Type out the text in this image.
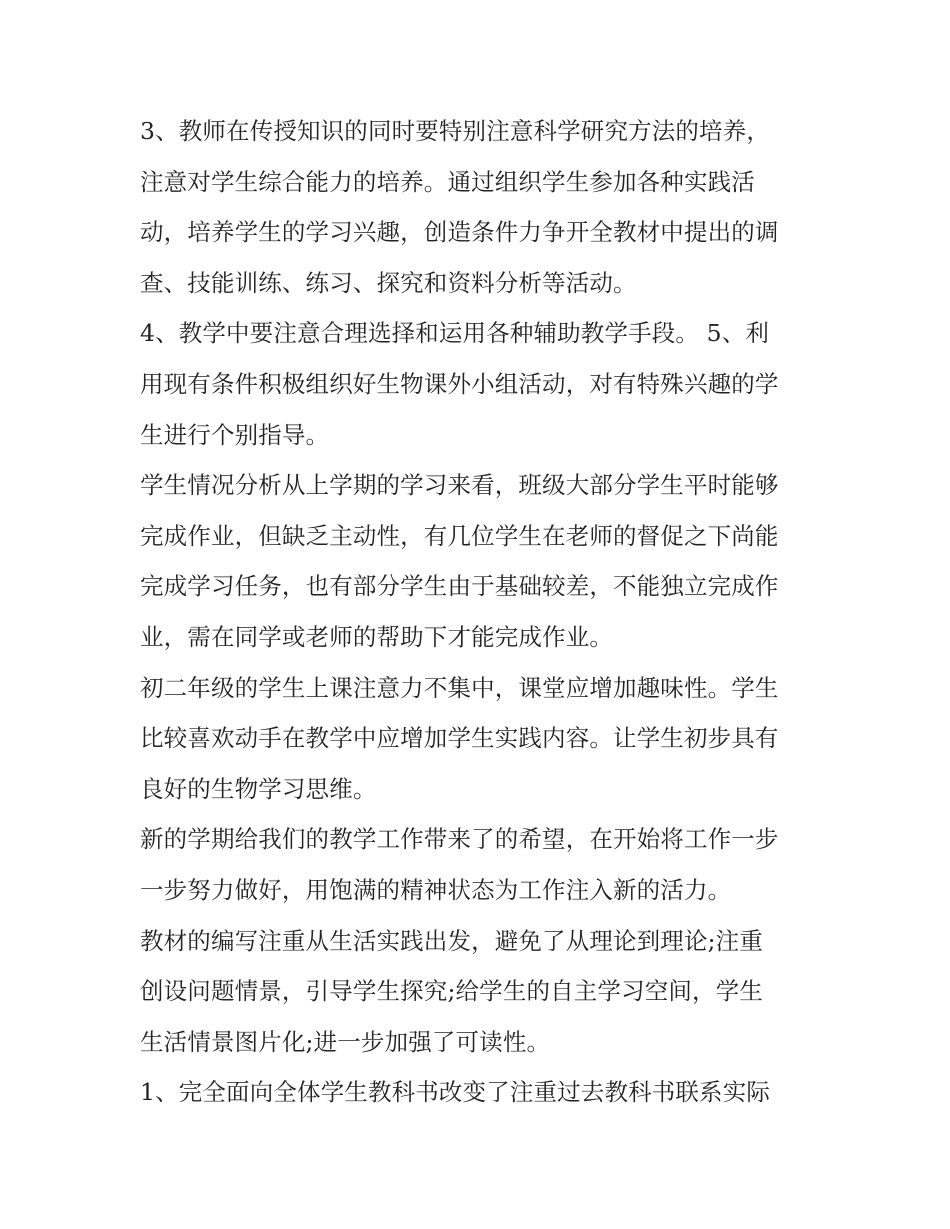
3、教师在传授知识的同时要特别注意科学研究方法的培养，
注意对学生综合能力的培养。通过组织学生参加各种实践活
动，培养学生的学习兴趣，创造条件力争开全教材中提出的调
查、技能训练、练习、探究和资料分析等活动。

4、教学中要注意合理选择和运用各种辅助教学手段。 5、利
用现有条件积极组织好生物课外小组活动，对有特殊兴趣的学
生进行个别指导。

学生情况分析从上学期的学习来看，班级大部分学生平时能够
完成作业，但缺乏主动性，有几位学生在老师的督促之下尚能
完成学习任务，也有部分学生由于基础较差，不能独立完成作
业，需在同学或老师的帮助下才能完成作业。

初二年级的学生上课注意力不集中，课堂应增加趣味性。学生
比较喜欢动手在教学中应增加学生实践内容。让学生初步具有
良好的生物学习思维。

新的学期给我们的教学工作带来了的希望，在开始将工作一步
一步努力做好，用饱满的精神状态为工作注入新的活力。

教材的编写注重从生活实践出发，避免了从理论到理论;注重
创设问题情景，引导学生探究;给学生的自主学习空间，学生
生活情景图片化;进一步加强了可读性。

1、完全面向全体学生教科书改变了注重过去教科书联系实际
